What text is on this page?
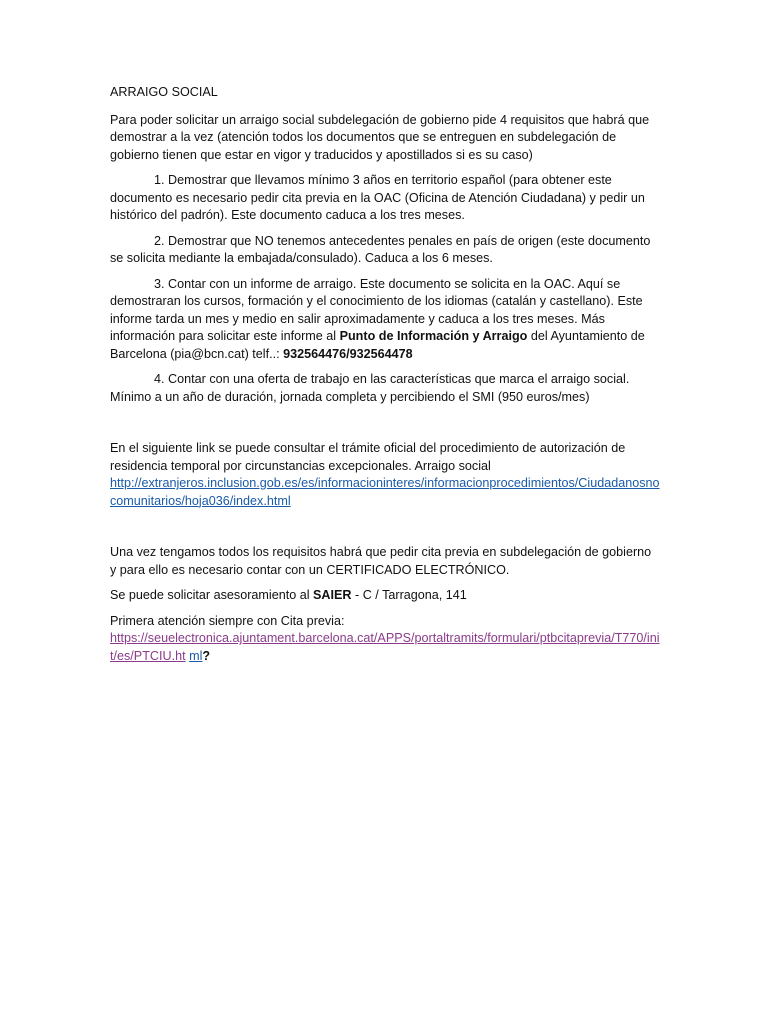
ARRAIGO SOCIAL

Para poder solicitar un arraigo social subdelegación de gobierno pide 4 requisitos que habrá que demostrar a la vez (atención todos los documentos que se entreguen en subdelegación de gobierno tienen que estar en vigor y traducidos y apostillados si es su caso)

1. Demostrar que llevamos mínimo 3 años en territorio español (para obtener este documento es necesario pedir cita previa en la OAC (Oficina de Atención Ciudadana) y pedir un histórico del padrón). Este documento caduca a los tres meses.
2. Demostrar que NO tenemos antecedentes penales en país de origen (este documento se solicita mediante la embajada/consulado). Caduca a los 6 meses.
3. Contar con un informe de arraigo. Este documento se solicita en la OAC. Aquí se demostraran los cursos, formación y el conocimiento de los idiomas (catalán y castellano). Este informe tarda un mes y medio en salir aproximadamente y caduca a los tres meses. Más información para solicitar este informe al Punto de Información y Arraigo del Ayuntamiento de Barcelona (pia@bcn.cat) telf..: 932564476/932564478
4. Contar con una oferta de trabajo en las características que marca el arraigo social. Mínimo a un año de duración, jornada completa y percibiendo el SMI (950 euros/mes)

En el siguiente link se puede consultar el trámite oficial del procedimiento de autorización de residencia temporal por circunstancias excepcionales. Arraigo social
http://extranjeros.inclusion.gob.es/es/informacioninteres/informacionprocedimientos/Ciudadanosnocomunitarios/hoja036/index.html

Una vez tengamos todos los requisitos habrá que pedir cita previa en subdelegación de gobierno y para ello es necesario contar con un CERTIFICADO ELECTRÓNICO.

Se puede solicitar asesoramiento al SAIER - C / Tarragona, 141

Primera atención siempre con Cita previa:
https://seuelectronica.ajuntament.barcelona.cat/APPS/portaltramits/formulari/ptbcitaprevia/T770/init/es/PTCIU.ht ml?
